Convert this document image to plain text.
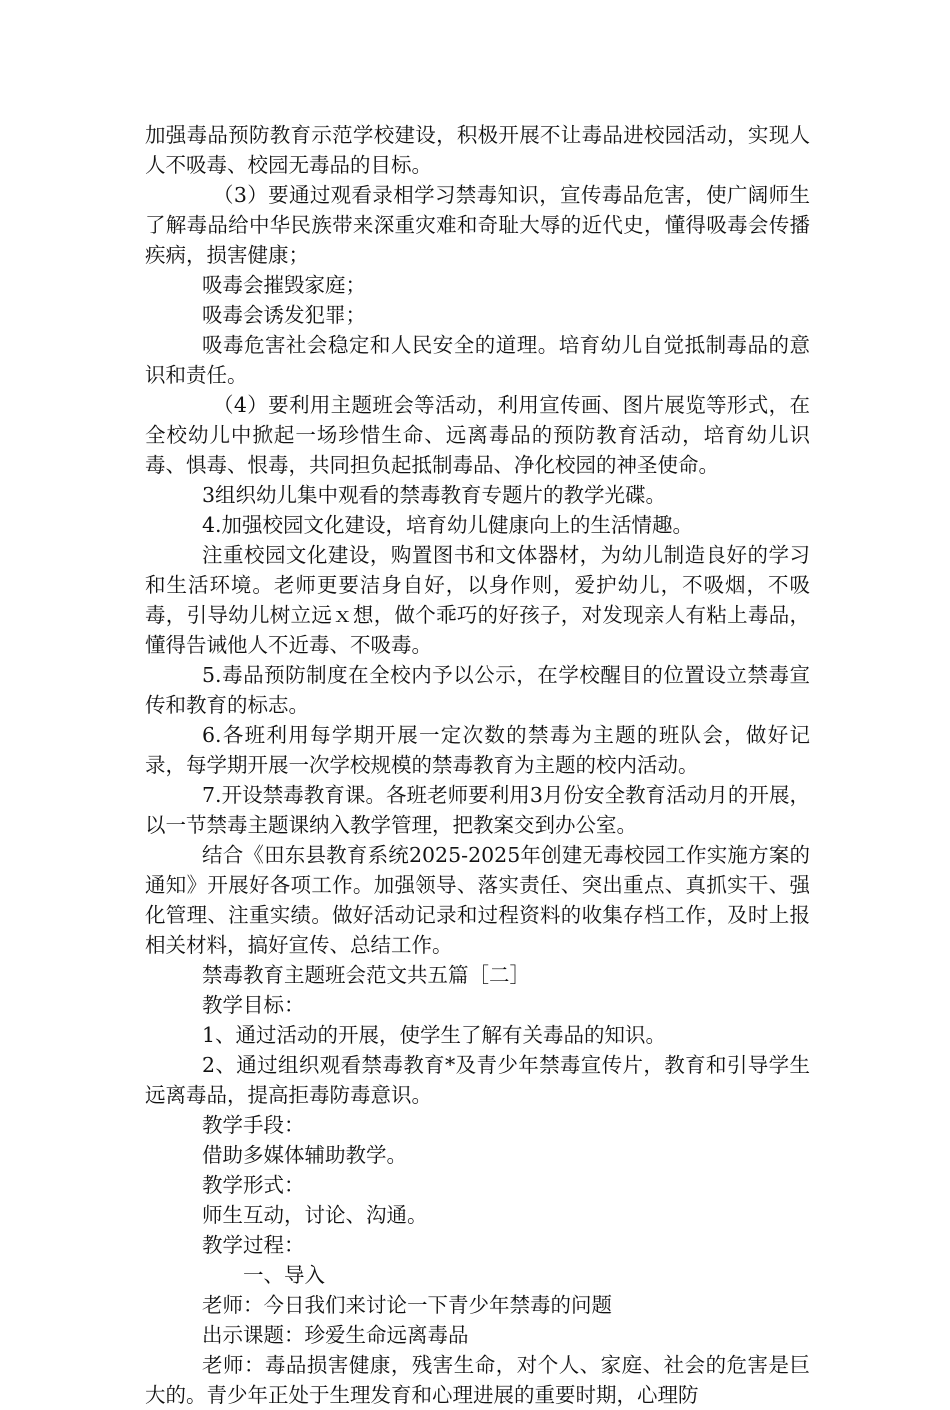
加强毒品预防教育示范学校建设，积极开展不让毒品进校园活动，实现人人不吸毒、校园无毒品的目标。

（3）要通过观看录相学习禁毒知识，宣传毒品危害，使广阔师生了解毒品给中华民族带来深重灾难和奇耻大辱的近代史，懂得吸毒会传播疾病，损害健康；

吸毒会摧毁家庭；

吸毒会诱发犯罪；

吸毒危害社会稳定和人民安全的道理。培育幼儿自觉抵制毒品的意识和责任。

（4）要利用主题班会等活动，利用宣传画、图片展览等形式，在全校幼儿中掀起一场珍惜生命、远离毒品的预防教育活动，培育幼儿识毒、惧毒、恨毒，共同担负起抵制毒品、净化校园的神圣使命。

3组织幼儿集中观看的禁毒教育专题片的教学光碟。

4.加强校园文化建设，培育幼儿健康向上的生活情趣。

注重校园文化建设，购置图书和文体器材，为幼儿制造良好的学习和生活环境。老师更要洁身自好，以身作则，爱护幼儿，不吸烟，不吸毒，引导幼儿树立远ｘ想，做个乖巧的好孩子，对发现亲人有粘上毒品，懂得告诫他人不近毒、不吸毒。

5.毒品预防制度在全校内予以公示，在学校醒目的位置设立禁毒宣传和教育的标志。

6.各班利用每学期开展一定次数的禁毒为主题的班队会，做好记录，每学期开展一次学校规模的禁毒教育为主题的校内活动。

7.开设禁毒教育课。各班老师要利用3月份安全教育活动月的开展，以一节禁毒主题课纳入教学管理，把教案交到办公室。

结合《田东县教育系统2025-2025年创建无毒校园工作实施方案的通知》开展好各项工作。加强领导、落实责任、突出重点、真抓实干、强化管理、注重实绩。做好活动记录和过程资料的收集存档工作，及时上报相关材料，搞好宣传、总结工作。

禁毒教育主题班会范文共五篇［二］

教学目标：

1、通过活动的开展，使学生了解有关毒品的知识。

2、通过组织观看禁毒教育*及青少年禁毒宣传片，教育和引导学生远离毒品，提高拒毒防毒意识。

教学手段：

借助多媒体辅助教学。

教学形式：

师生互动，讨论、沟通。

教学过程：

一、导入

老师：今日我们来讨论一下青少年禁毒的问题

出示课题：珍爱生命远离毒品

老师：毒品损害健康，残害生命，对个人、家庭、社会的危害是巨大的。青少年正处于生理发育和心理进展的重要时期，心理防
